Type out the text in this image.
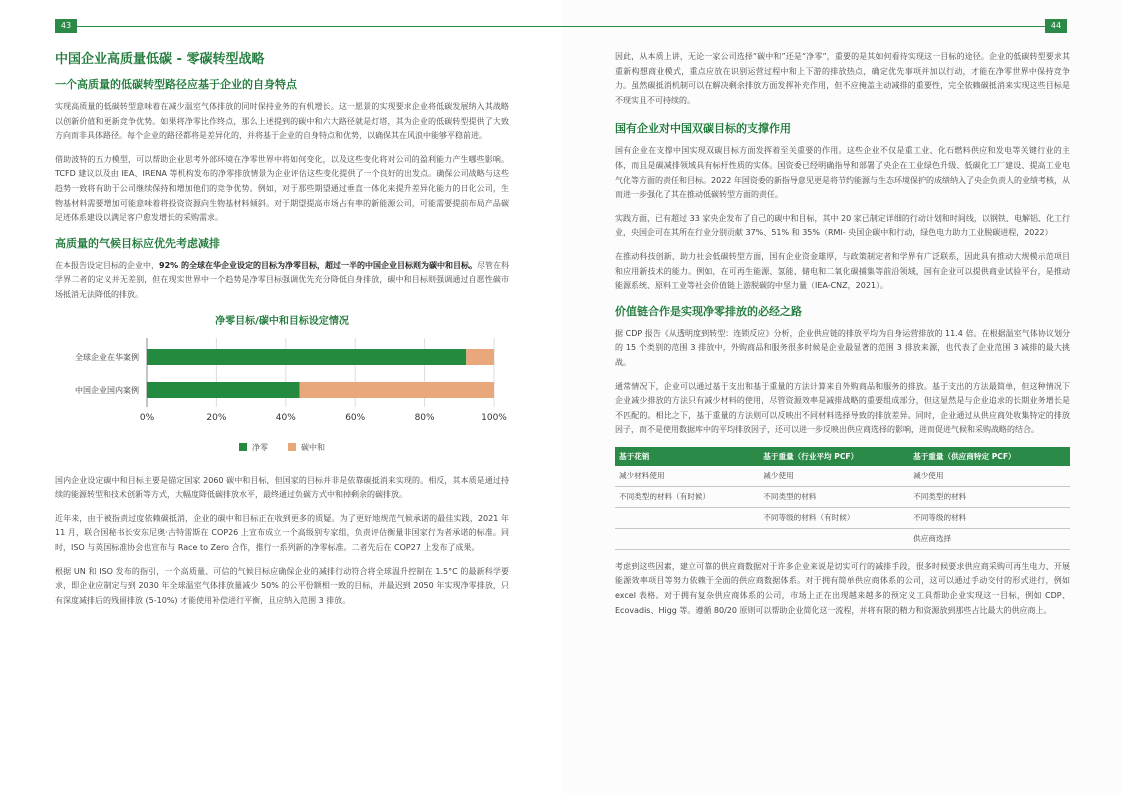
43
中国企业高质量低碳 - 零碳转型战略
一个高质量的低碳转型路径应基于企业的自身特点

实现高质量的低碳转型意味着在减少温室气体排放的同时保持业务的有机增长。这一愿景的实现要求企业将低碳发展纳入其战略以创新价值和更新竞争优势。如果将净零比作终点，那么上述提到的碳中和六大路径就是灯塔，其为企业的低碳转型提供了大致方向而非具体路径。每个企业的路径都将是差异化的，并将基于企业的自身特点和优势，以确保其在风浪中能够平稳前进。

借助波特的五力模型，可以帮助企业思考外部环境在净零世界中将如何变化，以及这些变化将对公司的盈利能力产生哪些影响。TCFD 建议以及由 IEA、IRENA 等机构发布的净零排放情景为企业评估这些变化提供了一个良好的出发点。确保公司战略与这些趋势一致将有助于公司继续保持和增加他们的竞争优势。例如，对于那些期望通过垂直一体化来提升差异化能力的日化公司，生物基材料需要增加可能意味着将投资资源向生物基材料倾斜。对于期望提高市场占有率的新能源公司，可能需要提前布局产品碳足迹体系建设以满足客户愈发增长的采购需求。

高质量的气候目标应优先考虑减排

在本报告设定目标的企业中，92% 的全球在华企业设定的目标为净零目标，超过一半的中国企业目标则为碳中和目标。尽管在科学界二者的定义并无差别，但在现实世界中一个趋势是净零目标强调优先充分降低自身排放，碳中和目标则强调通过自愿性碳市场抵消无法降低的排放。

净零目标/碳中和目标设定情况
0%	20%	40%	60%	80%	100%
全球企业在华案例
中国企业国内案例
净零	碳中和

国内企业设定碳中和目标主要是锚定国家 2060 碳中和目标，但国家的目标并非是依靠碳抵消来实现的。相反，其本质是通过持续的能源转型和技术创新等方式，大幅度降低碳排放水平，最终通过负碳方式中和掉剩余的碳排放。

近年来，由于被指责过度依赖碳抵消，企业的碳中和目标正在收到更多的质疑。为了更好地规范气候承诺的最佳实践，2021 年 11 月，联合国秘书长安东尼奥·古特雷斯在 COP26 上宣布成立一个高级别专家组，负责评估衡量非国家行为者承诺的标准。同时，ISO 与英国标准协会也宣布与 Race to Zero 合作，推行一系列新的净零标准。二者先后在 COP27 上发布了成果。

根据 UN 和 ISO 发布的指引，一个高质量、可信的气候目标应确保企业的减排行动符合将全球温升控制在 1.5°C 的最新科学要求，即企业应制定与到 2030 年全球温室气体排放量减少 50% 的公平份额相一致的目标，并最迟到 2050 年实现净零排放，只有深度减排后的残留排放 (5-10%) 才能使用补偿进行平衡，且应纳入范围 3 排放。

44

因此，从本质上讲，无论一家公司选择“碳中和”还是“净零”，重要的是其如何看待实现这一目标的途径。企业的低碳转型要求其重新构想商业模式，重点应放在识别运营过程中和上下游的排放热点，确定优先事项并加以行动，才能在净零世界中保持竞争力。虽然碳抵消机制可以在解决剩余排放方面发挥补充作用，但不应掩盖主动减排的重要性，完全依赖碳抵消来实现这些目标是不现实且不可持续的。

国有企业对中国双碳目标的支撑作用

国有企业在支撑中国实现双碳目标方面发挥着至关重要的作用。这些企业不仅是重工业、化石燃料供应和发电等关键行业的主体，而且是碳减排领域具有标杆性质的实体。国资委已经明确指导和部署了央企在工业绿色升级、低碳化工厂建设、提高工业电气化等方面的责任和目标。2022 年国资委的新指导意见更是将节约能源与生态环境保护的成绩纳入了央企负责人的业绩考核，从而进一步强化了其在推动低碳转型方面的责任。

实践方面，已有超过 33 家央企发布了自己的碳中和目标，其中 20 家已制定详细的行动计划和时间线，以钢铁、电解铝、化工行业，央国企可在其所在行业分别贡献 37%、51% 和 35%（RMI- 央国企碳中和行动，绿色电力助力工业脱碳进程，2022）

在推动科技创新、助力社会低碳转型方面，国有企业资金雄厚，与政策制定者和学界有广泛联系，因此具有推动大规模示范项目和应用新技术的能力。例如，在可再生能源、氢能、储电和二氧化碳捕集等前沿领域，国有企业可以提供商业试验平台，是推动能源系统、原料工业等社会价值链上游脱碳的中坚力量（IEA-CNZ，2021）。

价值链合作是实现净零排放的必经之路

据 CDP 报告《从透明度到转型：连锁反应》分析，企业供应链的排放平均为自身运营排放的 11.4 倍。在根据温室气体协议划分的 15 个类别的范围 3 排放中，外购商品和服务很多时候是企业最显著的范围 3 排放来源，也代表了企业范围 3 减排的最大挑战。

通常情况下，企业可以通过基于支出和基于重量的方法计算来自外购商品和服务的排放。基于支出的方法最简单，但这种情况下企业减少排放的方法只有减少材料的使用，尽管资源效率是减排战略的重要组成部分，但这显然是与企业追求的长期业务增长是不匹配的。相比之下，基于重量的方法则可以反映出不同材料选择导致的排放差异。同时，企业通过从供应商处收集特定的排放因子，而不是使用数据库中的平均排放因子，还可以进一步反映出供应商选择的影响，进而促进气候和采购战略的结合。

基于花销	基于重量（行业平均 PCF）	基于重量（供应商特定 PCF）
减少材料使用	减少使用	减少使用
不同类型的材料（有时候）	不同类型的材料	不同类型的材料
	不同等级的材料（有时候）	不同等级的材料
		供应商选择

考虑到这些因素，建立可靠的供应商数据对于许多企业来说是切实可行的减排手段，很多时候要求供应商采购可再生电力、开展能源效率项目等努力依赖于全面的供应商数据体系。对于拥有简单供应商体系的公司，这可以通过手动交付的形式进行，例如 excel 表格。对于拥有复杂供应商体系的公司，市场上正在出现越来越多的预定义工具帮助企业实现这一目标，例如 CDP、Ecovadis、Higg 等。遵循 80/20 原则可以帮助企业简化这一流程，并将有限的精力和资源放到那些占比最大的供应商上。
